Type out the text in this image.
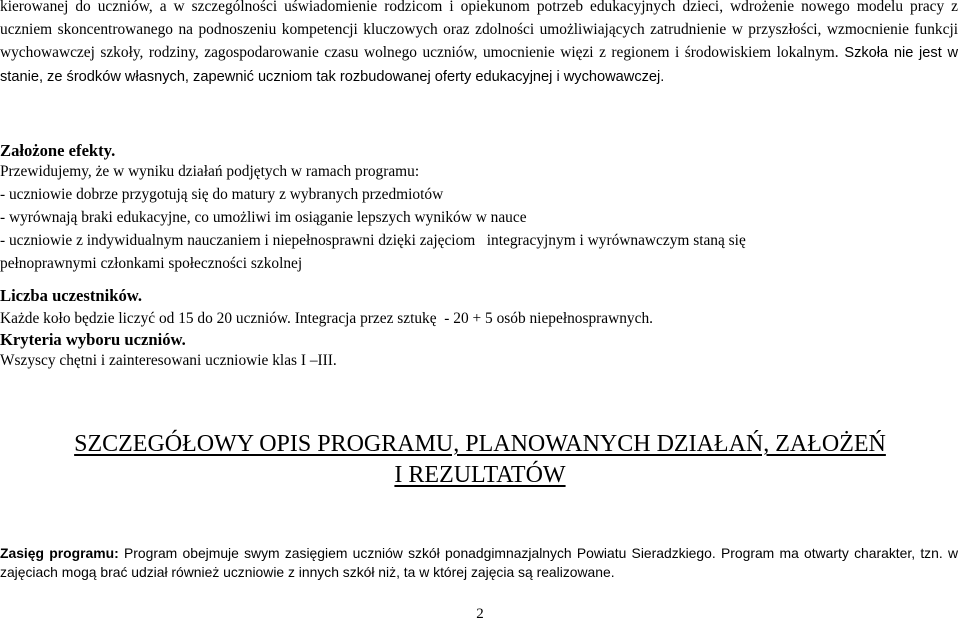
kierowanej do uczniów, a w szczególności uświadomienie rodzicom i opiekunom potrzeb edukacyjnych dzieci, wdrożenie nowego modelu pracy z uczniem skoncentrowanego na podnoszeniu kompetencji kluczowych oraz zdolności umożliwiających zatrudnienie w przyszłości, wzmocnienie funkcji wychowawczej szkoły, rodziny, zagospodarowanie czasu wolnego uczniów, umocnienie więzi z regionem i środowiskiem lokalnym. Szkoła nie jest w stanie, ze środków własnych, zapewnić uczniom tak rozbudowanej oferty edukacyjnej i wychowawczej.
Założone efekty.
Przewidujemy, że w wyniku działań podjętych w ramach programu:
- uczniowie dobrze przygotują się do matury z wybranych przedmiotów
- wyrównają braki edukacyjne, co umożliwi im osiąganie lepszych wyników w nauce
- uczniowie z indywidualnym nauczaniem i niepełnosprawni dzięki zajęciom   integracyjnym i wyrównawczym staną się
pełnoprawnymi członkami społeczności szkolnej
Liczba uczestników.
Każde koło będzie liczyć od 15 do 20 uczniów. Integracja przez sztukę  - 20 + 5 osób niepełnosprawnych.
Kryteria wyboru uczniów.
Wszyscy chętni i zainteresowani uczniowie klas I –III.
SZCZEGÓŁOWY OPIS PROGRAMU, PLANOWANYCH DZIAŁAŃ, ZAŁOŻEŃ
I REZULTATÓW
Zasięg programu: Program obejmuje swym zasięgiem uczniów szkół ponadgimnazjalnych Powiatu Sieradzkiego. Program ma otwarty charakter, tzn. w zajęciach mogą brać udział również uczniowie z innych szkół niż, ta w której zajęcia są realizowane.
2
